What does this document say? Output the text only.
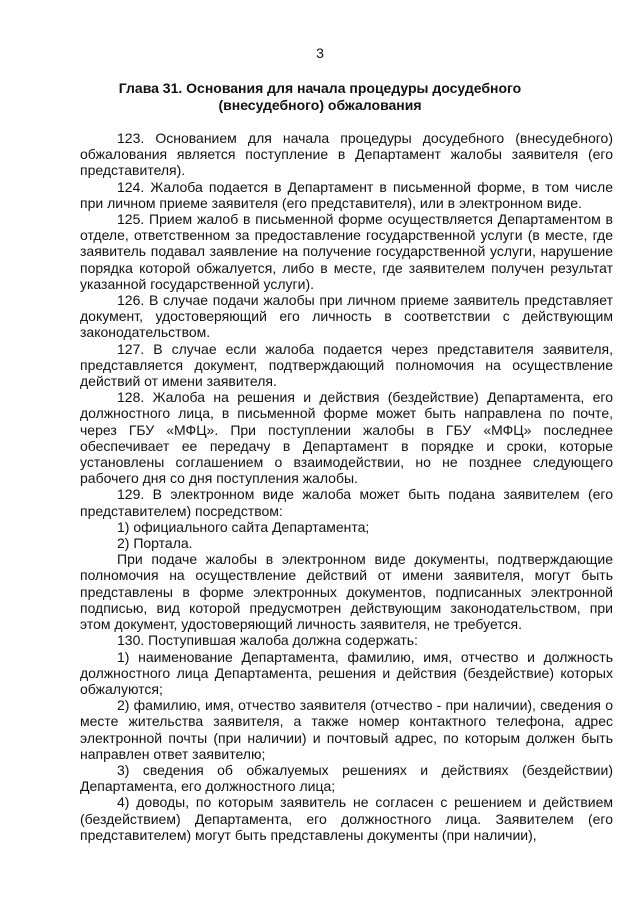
3
Глава 31. Основания для начала процедуры досудебного (внесудебного) обжалования

123. Основанием для начала процедуры досудебного (внесудебного) обжалования является поступление в Департамент жалобы заявителя (его представителя).

124. Жалоба подается в Департамент в письменной форме, в том числе при личном приеме заявителя (его представителя), или в электронном виде.

125. Прием жалоб в письменной форме осуществляется Департаментом в отделе, ответственном за предоставление государственной услуги (в месте, где заявитель подавал заявление на получение государственной услуги, нарушение порядка которой обжалуется, либо в месте, где заявителем получен результат указанной государственной услуги).

126. В случае подачи жалобы при личном приеме заявитель представляет документ, удостоверяющий его личность в соответствии с действующим законодательством.

127. В случае если жалоба подается через представителя заявителя, представляется документ, подтверждающий полномочия на осуществление действий от имени заявителя.

128. Жалоба на решения и действия (бездействие) Департамента, его должностного лица, в письменной форме может быть направлена по почте, через ГБУ «МФЦ». При поступлении жалобы в ГБУ «МФЦ» последнее обеспечивает ее передачу в Департамент в порядке и сроки, которые установлены соглашением о взаимодействии, но не позднее следующего рабочего дня со дня поступления жалобы.

129. В электронном виде жалоба может быть подана заявителем (его представителем) посредством:

1) официального сайта Департамента;

2) Портала.

При подаче жалобы в электронном виде документы, подтверждающие полномочия на осуществление действий от имени заявителя, могут быть представлены в форме электронных документов, подписанных электронной подписью, вид которой предусмотрен действующим законодательством, при этом документ, удостоверяющий личность заявителя, не требуется.

130. Поступившая жалоба должна содержать:

1) наименование Департамента, фамилию, имя, отчество и должность должностного лица Департамента, решения и действия (бездействие) которых обжалуются;

2) фамилию, имя, отчество заявителя (отчество - при наличии), сведения о месте жительства заявителя, а также номер контактного телефона, адрес электронной почты (при наличии) и почтовый адрес, по которым должен быть направлен ответ заявителю;

3) сведения об обжалуемых решениях и действиях (бездействии) Департамента, его должностного лица;

4) доводы, по которым заявитель не согласен с решением и действием (бездействием) Департамента, его должностного лица. Заявителем (его представителем) могут быть представлены документы (при наличии),
